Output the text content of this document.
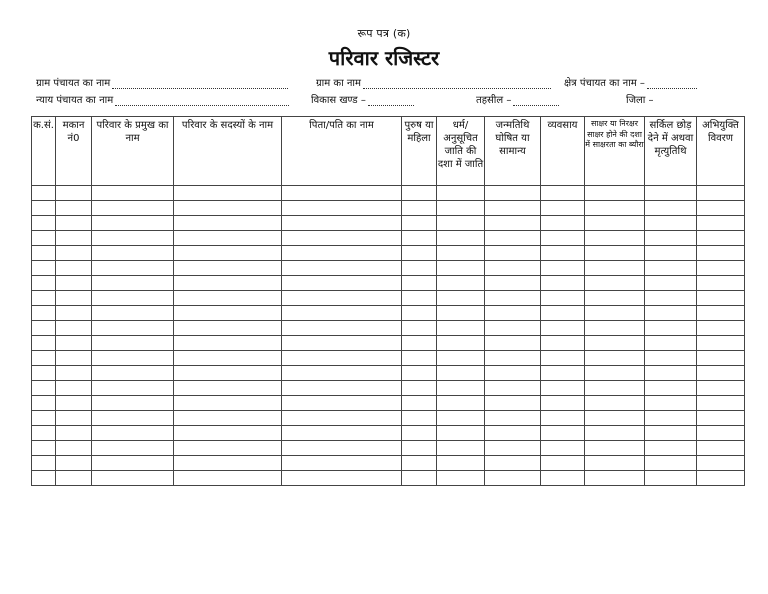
रूप पत्र (क)
परिवार रजिस्टर
ग्राम पंचायत का नाम	ग्राम का नाम	क्षेत्र पंचायत का नाम –
न्याय पंचायत का नाम	विकास खण्ड –	तहसील –	जिला –
क.सं.	मकान नं0	परिवार के प्रमुख का नाम	परिवार के सदस्यों के नाम	पिता/पति का नाम	पुरुष या महिला	धर्म/अनुसूचित जाति की दशा में जाति	जन्मतिथि घोषित या सामान्य	व्यवसाय	साक्षर या निरक्षर साक्षर होने की दशा में साक्षरता का ब्यौरा	सर्किल छोड़ देने में अथवा मृत्युतिथि	अभियुक्ति विवरण
